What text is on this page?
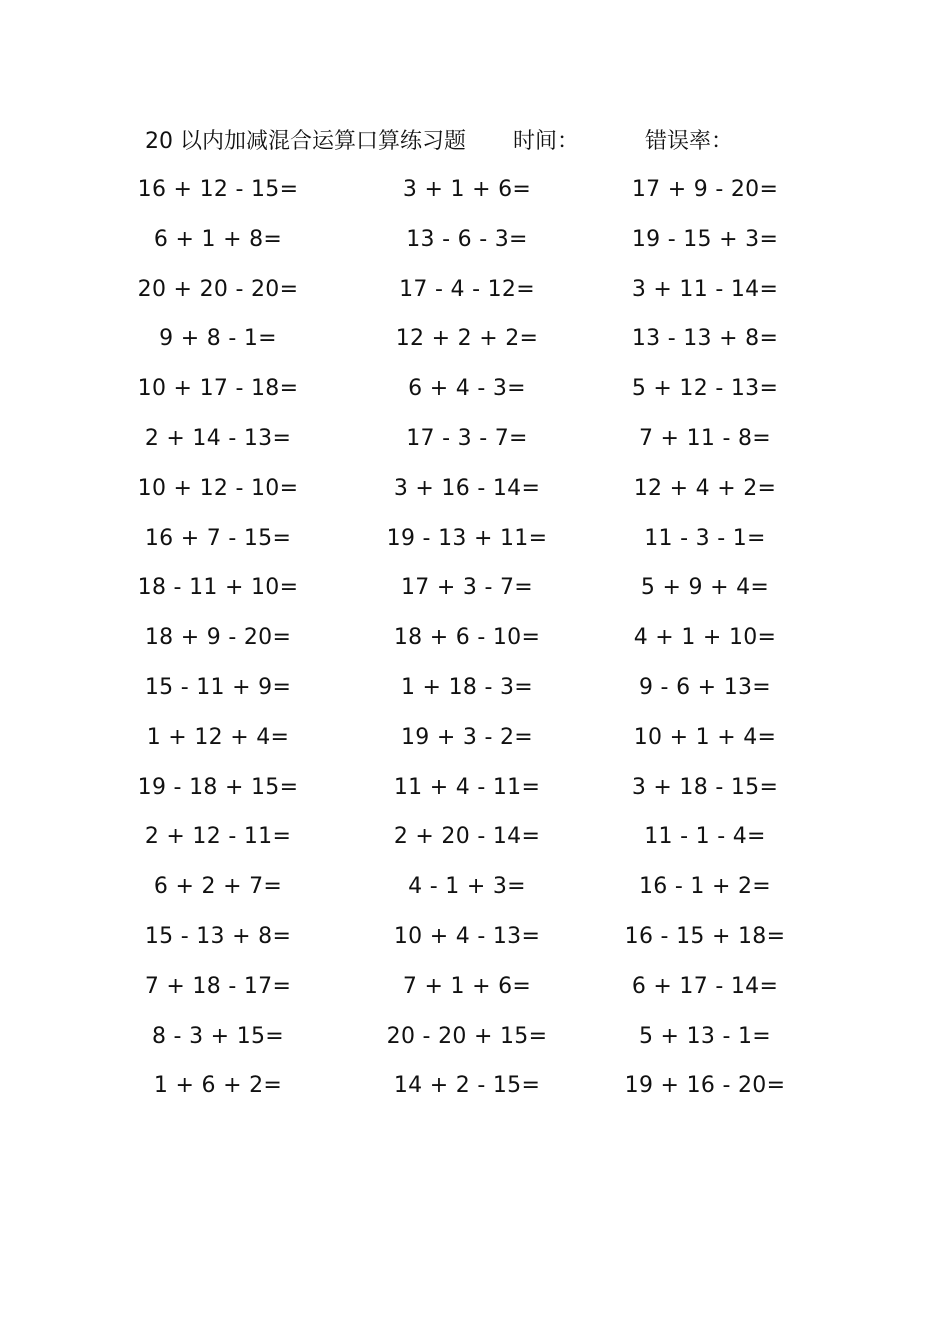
20 以内加减混合运算口算练习题 时间：	错误率：
16 + 12 - 15=	3 + 1 + 6=	17 + 9 - 20=
6 + 1 + 8=	13 - 6 - 3=	19 - 15 + 3=
20 + 20 - 20=	17 - 4 - 12=	3 + 11 - 14=
9 + 8 - 1=	12 + 2 + 2=	13 - 13 + 8=
10 + 17 - 18=	6 + 4 - 3=	5 + 12 - 13=
2 + 14 - 13=	17 - 3 - 7=	7 + 11 - 8=
10 + 12 - 10=	3 + 16 - 14=	12 + 4 + 2=
16 + 7 - 15=	19 - 13 + 11=	11 - 3 - 1=
18 - 11 + 10=	17 + 3 - 7=	5 + 9 + 4=
18 + 9 - 20=	18 + 6 - 10=	4 + 1 + 10=
15 - 11 + 9=	1 + 18 - 3=	9 - 6 + 13=
1 + 12 + 4=	19 + 3 - 2=	10 + 1 + 4=
19 - 18 + 15=	11 + 4 - 11=	3 + 18 - 15=
2 + 12 - 11=	2 + 20 - 14=	11 - 1 - 4=
6 + 2 + 7=	4 - 1 + 3=	16 - 1 + 2=
15 - 13 + 8=	10 + 4 - 13=	16 - 15 + 18=
7 + 18 - 17=	7 + 1 + 6=	6 + 17 - 14=
8 - 3 + 15=	20 - 20 + 15=	5 + 13 - 1=
1 + 6 + 2=	14 + 2 - 15=	19 + 16 - 20=
